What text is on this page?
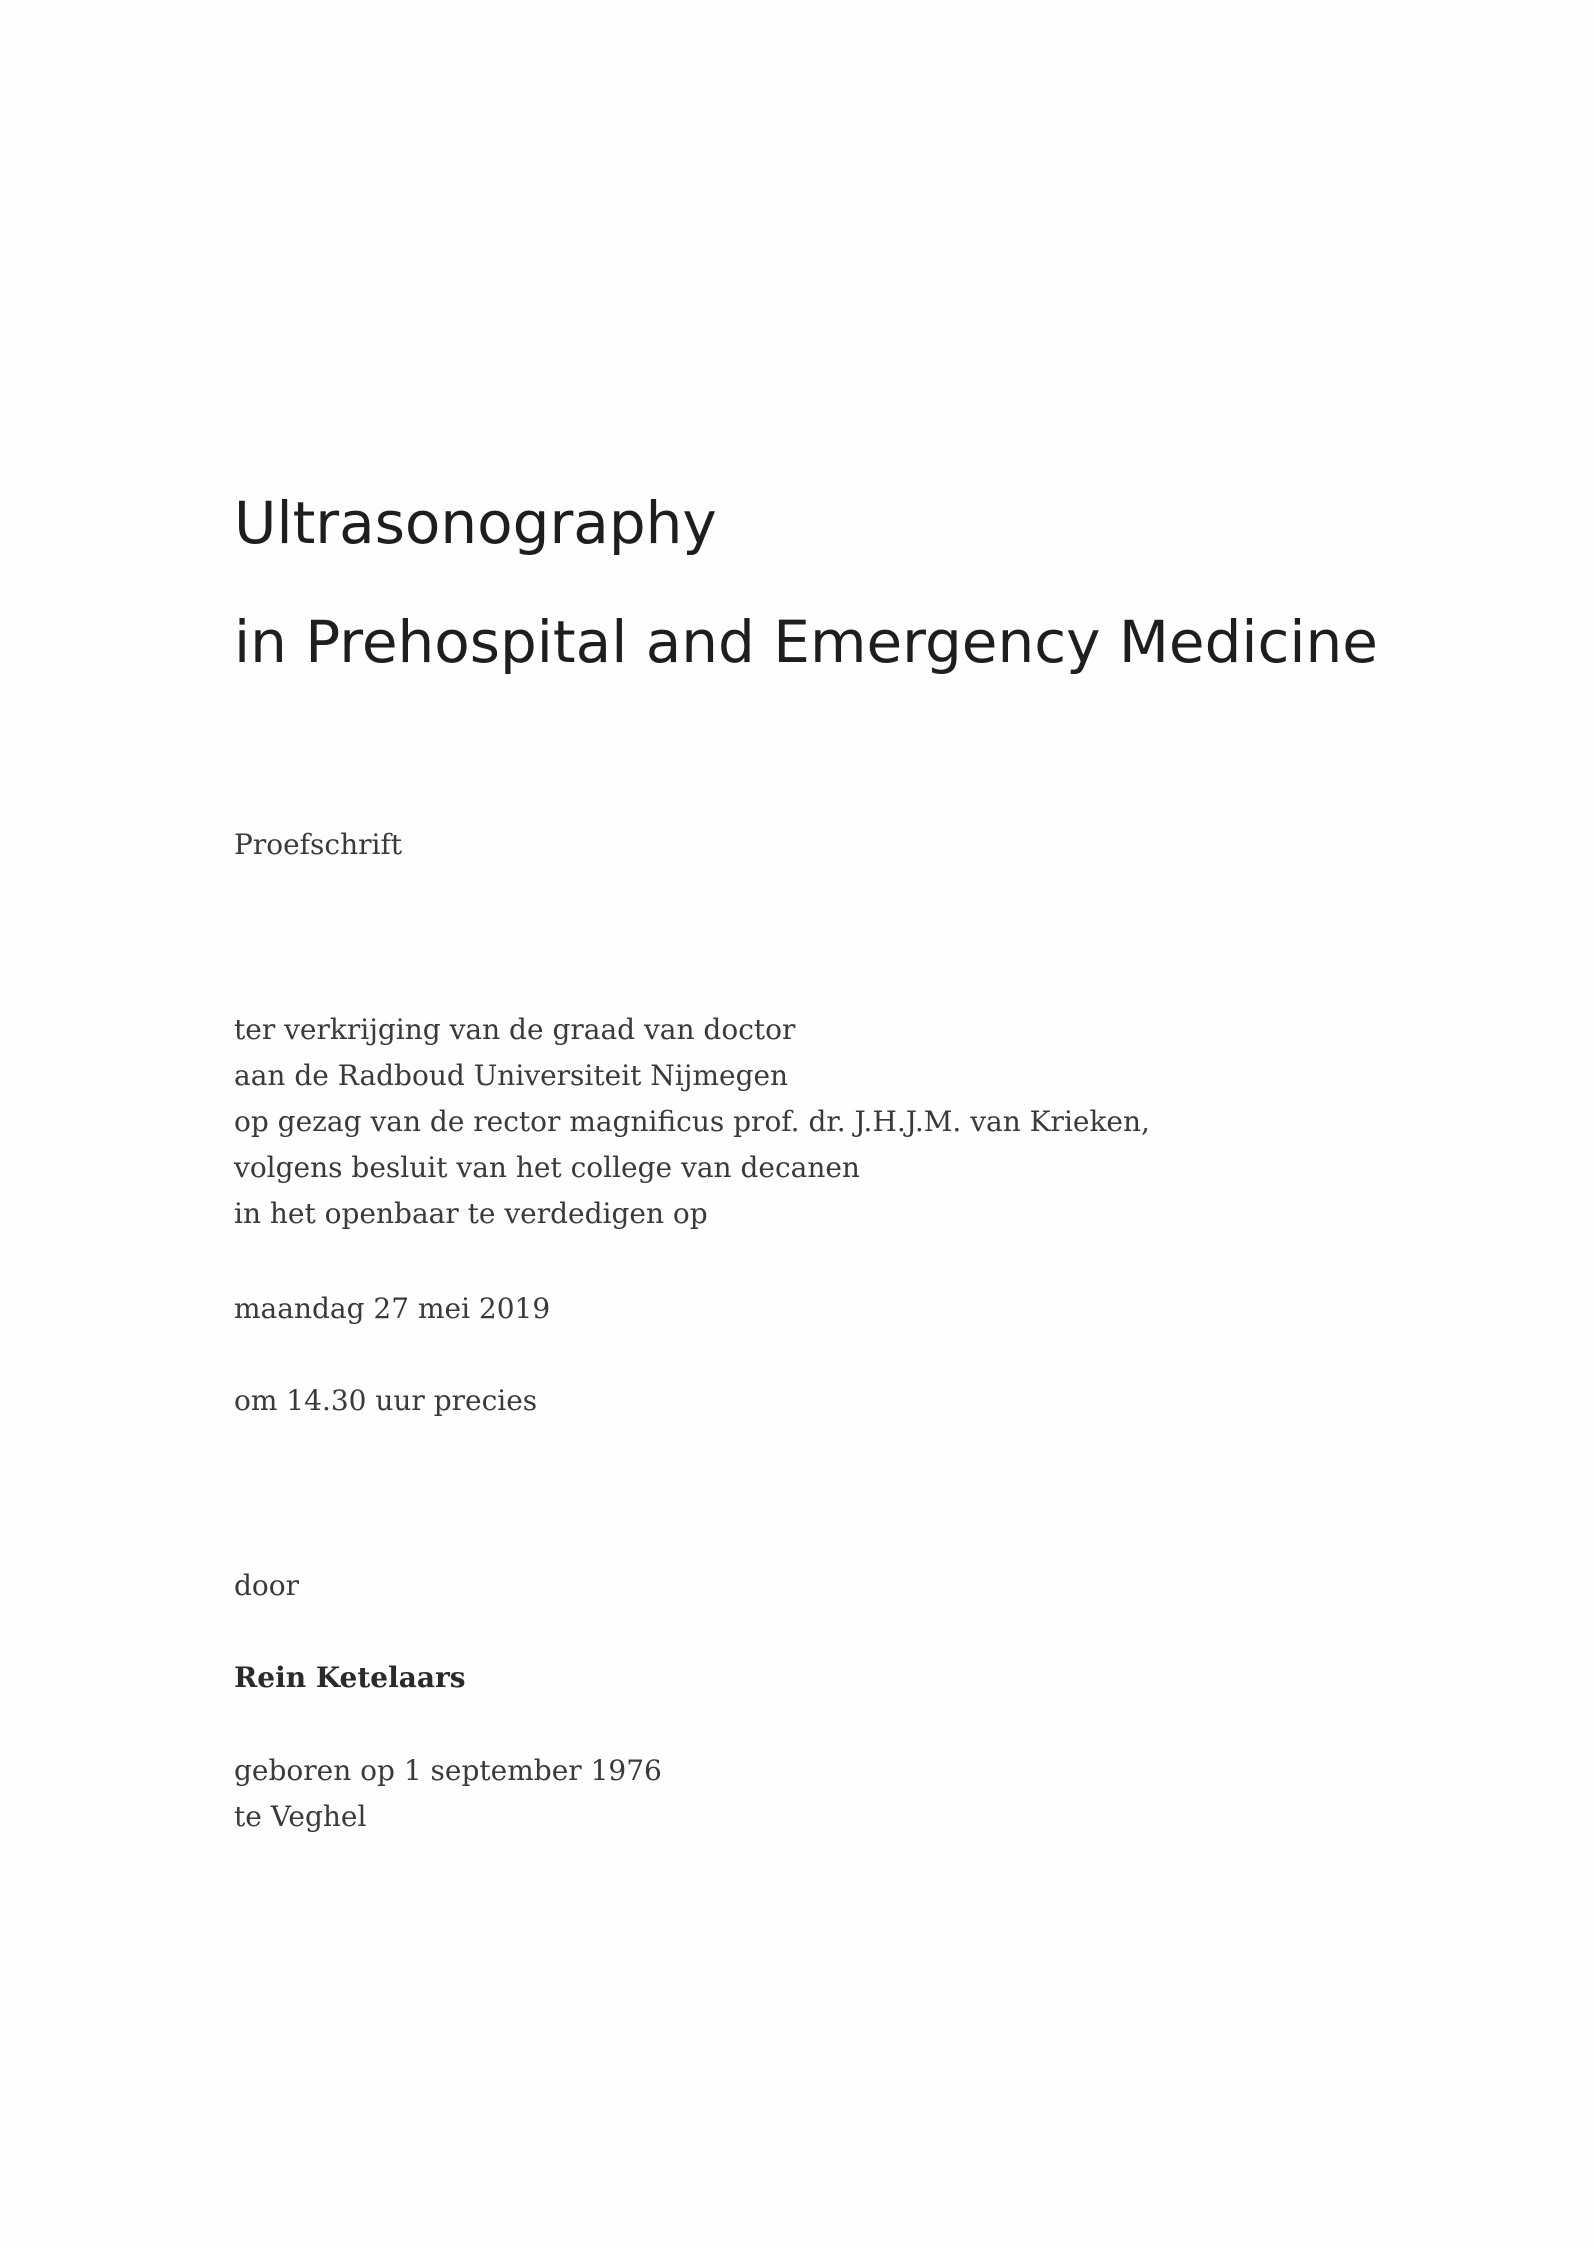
Ultrasonography
in Prehospital and Emergency Medicine

Proefschrift

ter verkrijging van de graad van doctor
aan de Radboud Universiteit Nijmegen
op gezag van de rector magnificus prof. dr. J.H.J.M. van Krieken,
volgens besluit van het college van decanen
in het openbaar te verdedigen op

maandag 27 mei 2019

om 14.30 uur precies

door

Rein Ketelaars

geboren op 1 september 1976
te Veghel
